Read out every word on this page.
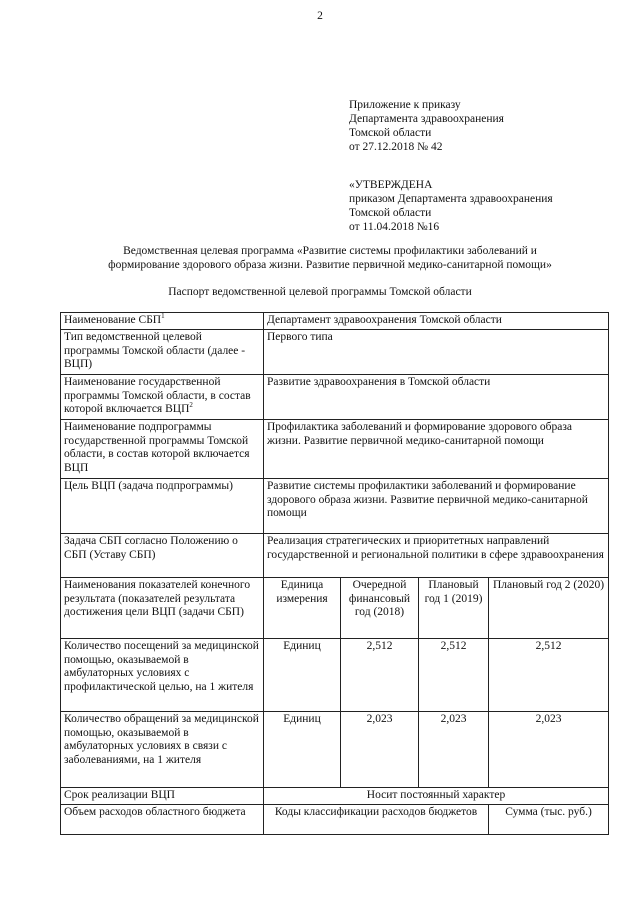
2
Приложение к приказу
Департамента здравоохранения
Томской области
от 27.12.2018 № 42
«УТВЕРЖДЕНА
приказом Департамента здравоохранения
Томской области
от 11.04.2018 №16
Ведомственная целевая программа «Развитие системы профилактики заболеваний и
формирование здорового образа жизни. Развитие первичной медико-санитарной помощи»
Паспорт ведомственной целевой программы Томской области
Наименование СБП$^1$	Департамент здравоохранения Томской области			
Тип ведомственной целевой программы Томской области (далее - ВЦП)	Первого типа			
Наименование государственной программы Томской области, в состав которой включается ВЦП$^2$	Развитие здравоохранения в Томской области			
Наименование подпрограммы государственной программы Томской области, в состав которой включается ВЦП	Профилактика заболеваний и формирование здорового образа жизни. Развитие первичной медико-санитарной помощи			
Цель ВЦП (задача подпрограммы)	Развитие системы профилактики заболеваний и формирование здорового образа жизни. Развитие первичной медико-санитарной помощи			
Задача СБП согласно Положению о СБП (Уставу СБП)	Реализация стратегических и приоритетных направлений государственной и региональной политики в сфере здравоохранения			
Наименования показателей конечного результата (показателей результата достижения цели ВЦП (задачи СБП)	Единица измерения	Очередной финансовый год (2018)	Плановый год 1 (2019)	Плановый год 2 (2020)
Количество посещений за медицинской помощью, оказываемой в амбулаторных условиях с профилактической целью, на 1 жителя	Единиц	2,512	2,512	2,512
Количество обращений за медицинской помощью, оказываемой в амбулаторных условиях в связи с заболеваниями, на 1 жителя	Единиц	2,023	2,023	2,023
Срок реализации ВЦП	Носит постоянный характер			
Объем расходов областного бюджета	Коды классификации расходов бюджетов			Сумма (тыс. руб.)
